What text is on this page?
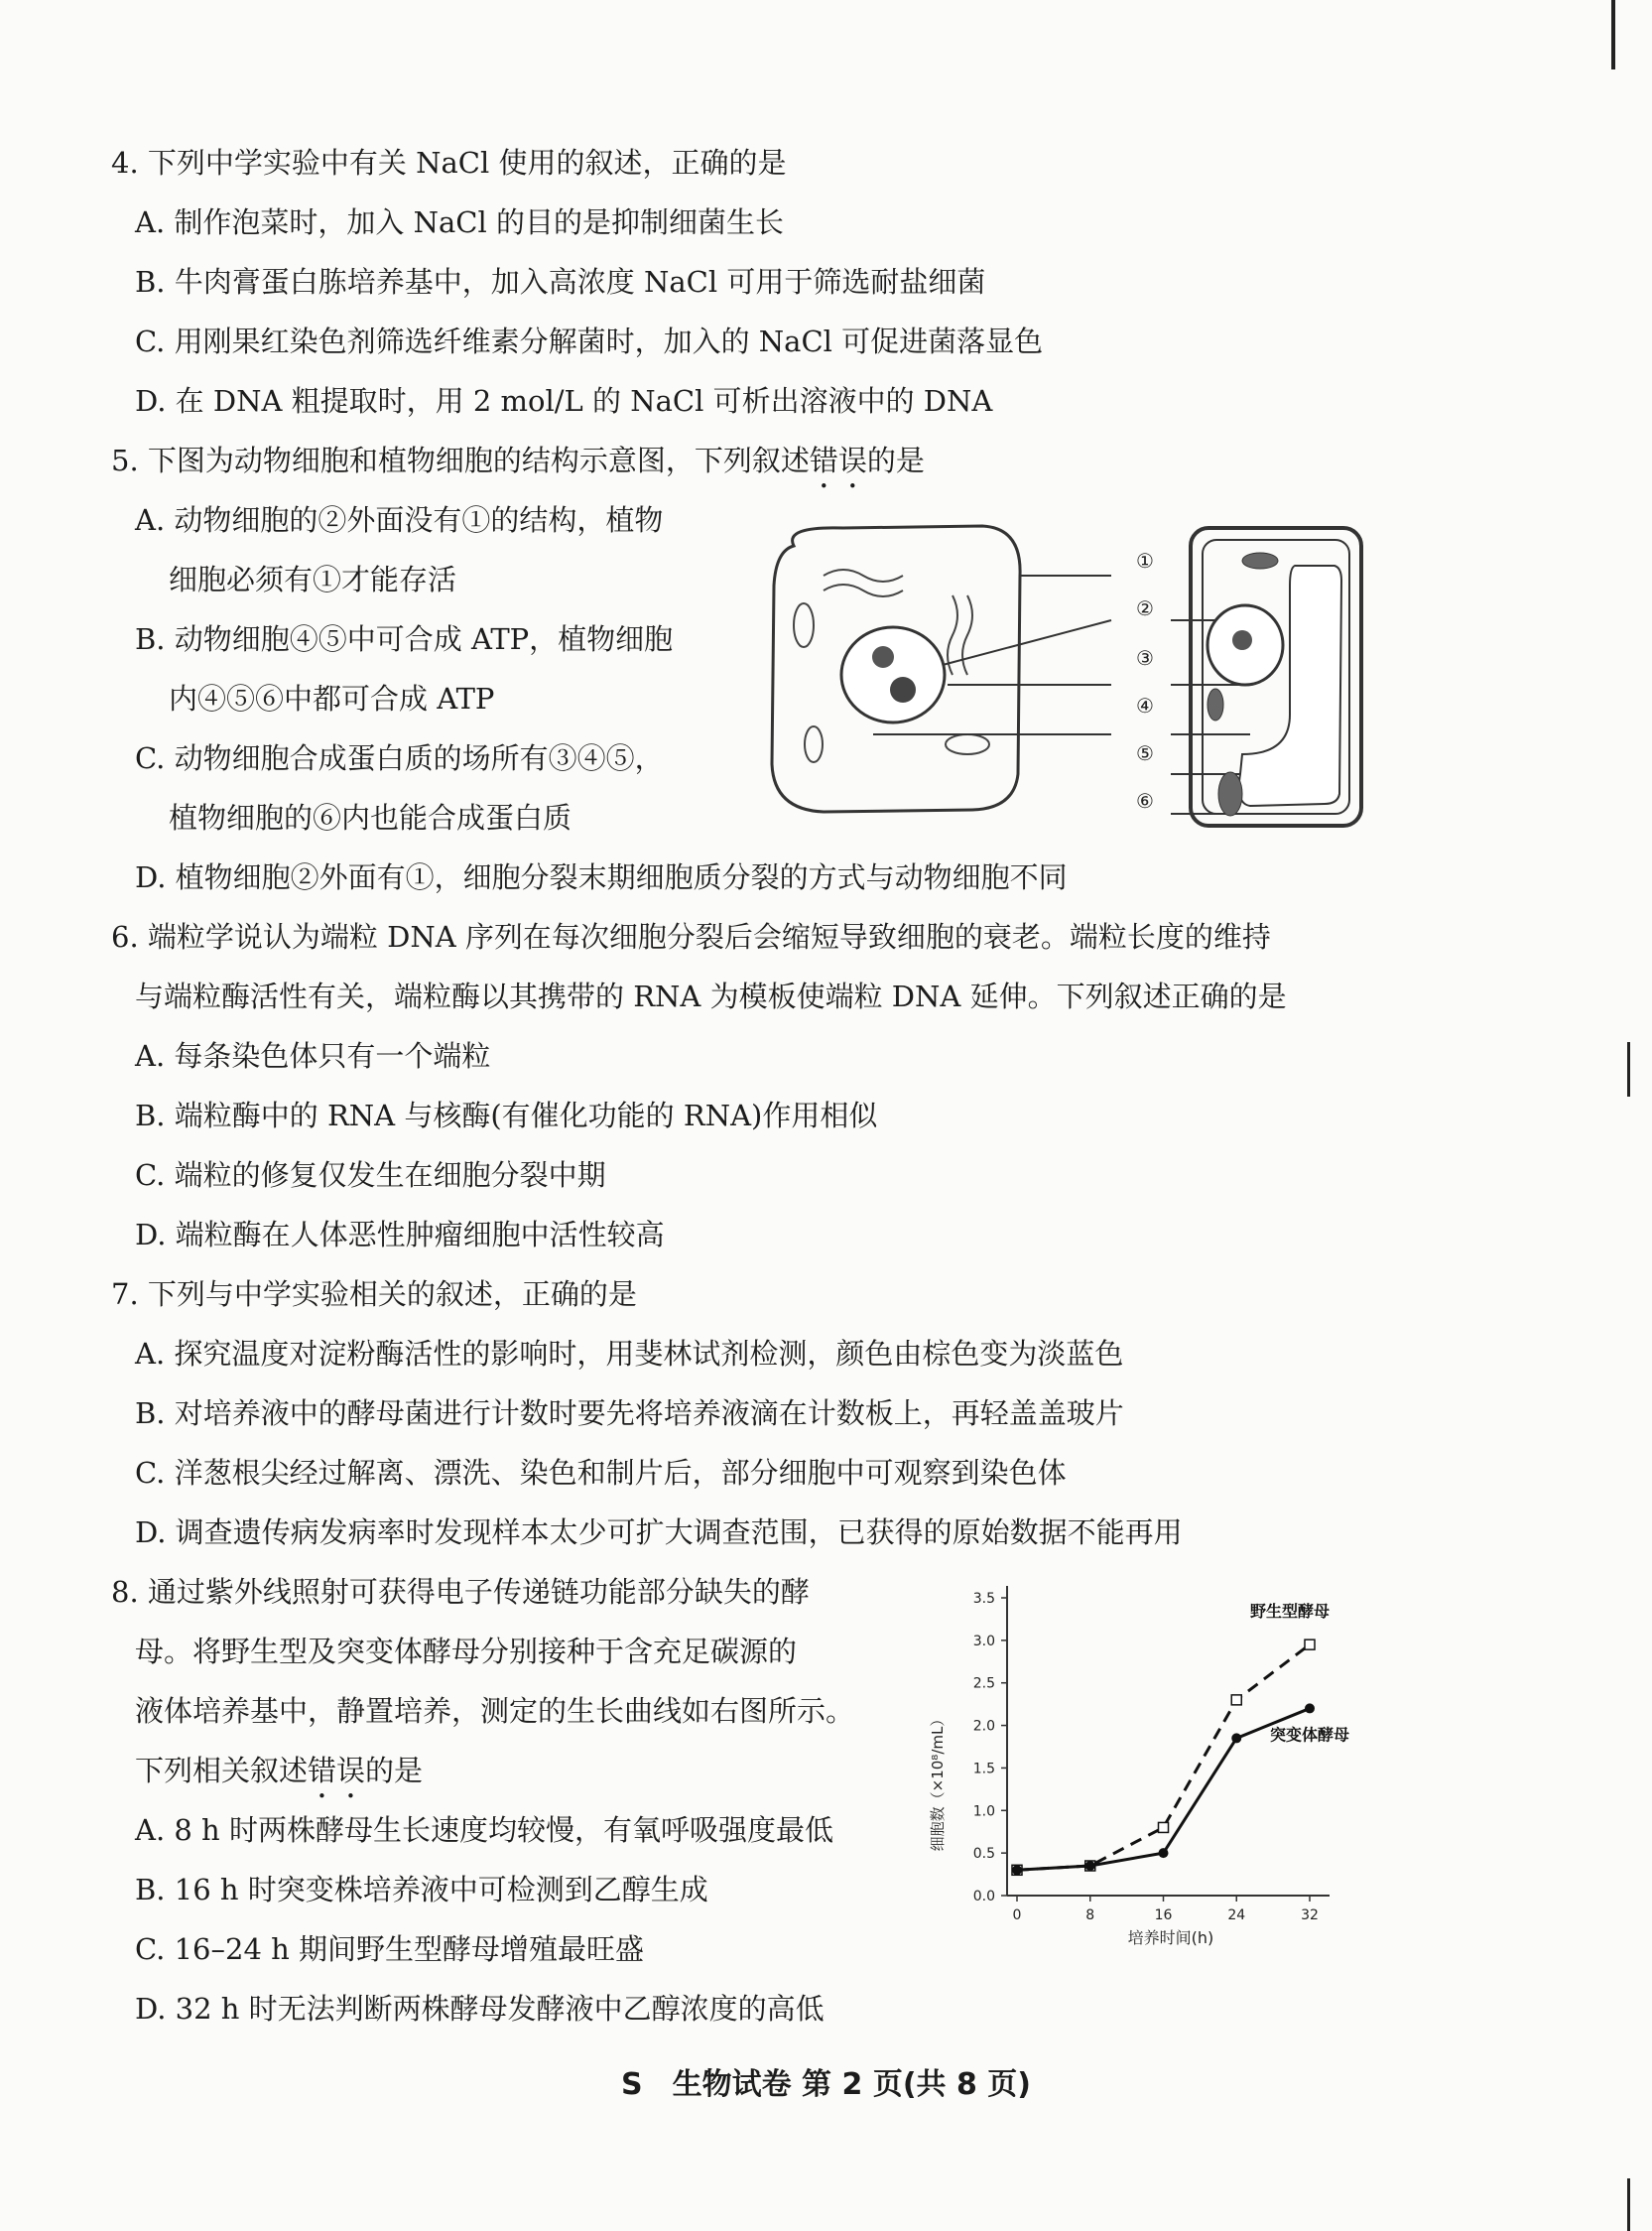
4. 下列中学实验中有关 NaCl 使用的叙述，正确的是
A. 制作泡菜时，加入 NaCl 的目的是抑制细菌生长
B. 牛肉膏蛋白胨培养基中，加入高浓度 NaCl 可用于筛选耐盐细菌
C. 用刚果红染色剂筛选纤维素分解菌时，加入的 NaCl 可促进菌落显色
D. 在 DNA 粗提取时，用 2 mol/L 的 NaCl 可析出溶液中的 DNA
5. 下图为动物细胞和植物细胞的结构示意图，下列叙述错误的是
A. 动物细胞的②外面没有①的结构，植物
细胞必须有①才能存活
B. 动物细胞④⑤中可合成 ATP，植物细胞
内④⑤⑥中都可合成 ATP
C. 动物细胞合成蛋白质的场所有③④⑤，
植物细胞的⑥内也能合成蛋白质
D. 植物细胞②外面有①，细胞分裂末期细胞质分裂的方式与动物细胞不同
①
②
③
④
⑤
⑥
6. 端粒学说认为端粒 DNA 序列在每次细胞分裂后会缩短导致细胞的衰老。端粒长度的维持
与端粒酶活性有关，端粒酶以其携带的 RNA 为模板使端粒 DNA 延伸。下列叙述正确的是
A. 每条染色体只有一个端粒
B. 端粒酶中的 RNA 与核酶(有催化功能的 RNA)作用相似
C. 端粒的修复仅发生在细胞分裂中期
D. 端粒酶在人体恶性肿瘤细胞中活性较高
7. 下列与中学实验相关的叙述，正确的是
A. 探究温度对淀粉酶活性的影响时，用斐林试剂检测，颜色由棕色变为淡蓝色
B. 对培养液中的酵母菌进行计数时要先将培养液滴在计数板上，再轻盖盖玻片
C. 洋葱根尖经过解离、漂洗、染色和制片后，部分细胞中可观察到染色体
D. 调查遗传病发病率时发现样本太少可扩大调查范围，已获得的原始数据不能再用
8. 通过紫外线照射可获得电子传递链功能部分缺失的酵
母。将野生型及突变体酵母分别接种于含充足碳源的
液体培养基中，静置培养，测定的生长曲线如右图所示。
下列相关叙述错误的是
A. 8 h 时两株酵母生长速度均较慢，有氧呼吸强度最低
B. 16 h 时突变株培养液中可检测到乙醇生成
C. 16–24 h 期间野生型酵母增殖最旺盛
D. 32 h 时无法判断两株酵母发酵液中乙醇浓度的高低
培养时间(h)
细胞数（×10⁸/mL）
0.0
0.5
1.0
1.5
2.0
2.5
3.0
3.5
0	8	16	24	32
野生型酵母
突变体酵母
S　生物试卷 第 2 页(共 8 页)
